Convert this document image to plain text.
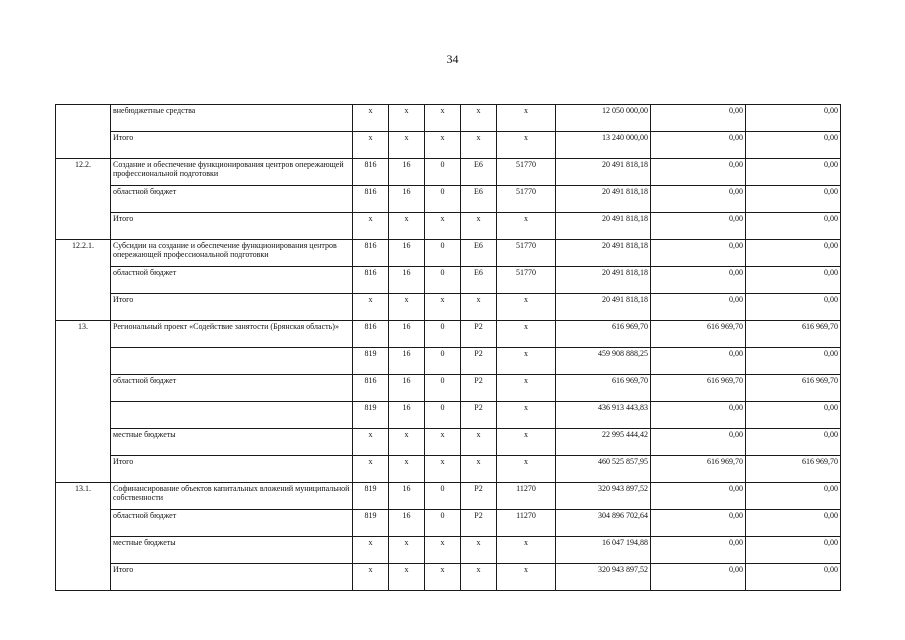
34
	внебюджетные средства	x	x	x	x	x	12 050 000,00	0,00	0,00
	Итого	x	x	x	x	x	13 240 000,00	0,00	0,00
12.2.	Создание и обеспечение функционирования центров опережающей профессиональной подготовки	816	16	0	E6	51770	20 491 818,18	0,00	0,00
	областной бюджет	816	16	0	E6	51770	20 491 818,18	0,00	0,00
	Итого	x	x	x	x	x	20 491 818,18	0,00	0,00
12.2.1.	Субсидии на создание и обеспечение функционирования центров опережающей профессиональной подготовки	816	16	0	E6	51770	20 491 818,18	0,00	0,00
	областной бюджет	816	16	0	E6	51770	20 491 818,18	0,00	0,00
	Итого	x	x	x	x	x	20 491 818,18	0,00	0,00
13.	Региональный проект «Содействие занятости (Брянская область)»	816	16	0	P2	x	616 969,70	616 969,70	616 969,70
		819	16	0	P2	x	459 908 888,25	0,00	0,00
	областной бюджет	816	16	0	P2	x	616 969,70	616 969,70	616 969,70
		819	16	0	P2	x	436 913 443,83	0,00	0,00
	местные бюджеты	x	x	x	x	x	22 995 444,42	0,00	0,00
	Итого	x	x	x	x	x	460 525 857,95	616 969,70	616 969,70
13.1.	Софинансирование объектов капитальных вложений муниципальной собственности	819	16	0	P2	11270	320 943 897,52	0,00	0,00
	областной бюджет	819	16	0	P2	11270	304 896 702,64	0,00	0,00
	местные бюджеты	x	x	x	x	x	16 047 194,88	0,00	0,00
	Итого	x	x	x	x	x	320 943 897,52	0,00	0,00
